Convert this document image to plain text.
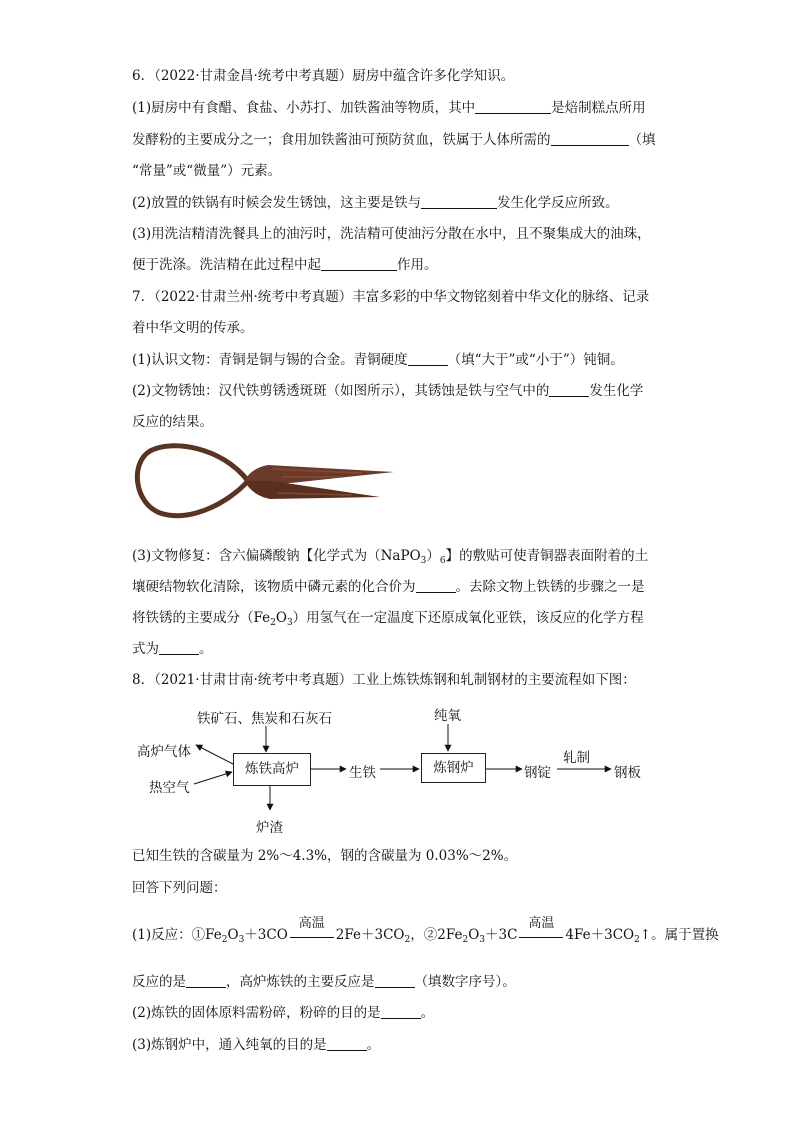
6．（2022·甘肃金昌·统考中考真题）厨房中蕴含许多化学知识。
(1)厨房中有食醋、食盐、小苏打、加铁酱油等物质，其中	是焙制糕点所用
发酵粉的主要成分之一；食用加铁酱油可预防贫血，铁属于人体所需的	（填
“常量”或“微量”）元素。
(2)放置的铁锅有时候会发生锈蚀，这主要是铁与	发生化学反应所致。
(3)用洗洁精清洗餐具上的油污时，洗洁精可使油污分散在水中，且不聚集成大的油珠，
便于洗涤。洗洁精在此过程中起	作用。
7．（2022·甘肃兰州·统考中考真题）丰富多彩的中华文物铭刻着中华文化的脉络、记录
着中华文明的传承。
(1)认识文物：青铜是铜与锡的合金。青铜硬度	（填“大于”或“小于”）钝铜。
(2)文物锈蚀：汉代铁剪锈透斑斑（如图所示），其锈蚀是铁与空气中的	发生化学
反应的结果。
(3)文物修复：含六偏磷酸钠【化学式为$(NaPO_3)_6$】的敷贴可使青铜器表面附着的土
壤硬结物软化清除，该物质中磷元素的化合价为	。去除文物上铁锈的步骤之一是
将铁锈的主要成分$(Fe_2O_3)$用氢气在一定温度下还原成氧化亚铁，该反应的化学方程
式为	。
8．（2021·甘肃甘南·统考中考真题）工业上炼铁炼钢和轧制钢材的主要流程如下图：
铁矿石、焦炭和石灰石	纯氧
高炉气体
热空气
炼铁高炉	生铁	炼钢炉	钢锭
轧制
钢板
炉渣
已知生铁的含碳量为 2%～4.3%，钢的含碳量为 0.03%～2%。
回答下列问题：
(1)反应：$①Fe_2O_3+3CO$
高温
$2Fe+3CO_2$，$②2Fe_2O_3+3C$
高温
$4Fe+3CO_2↑$。属于置换
反应的是	，高炉炼铁的主要反应是	（填数字序号）。
(2)炼铁的固体原料需粉碎，粉碎的目的是	。
(3)炼钢炉中，通入纯氧的目的是	。
